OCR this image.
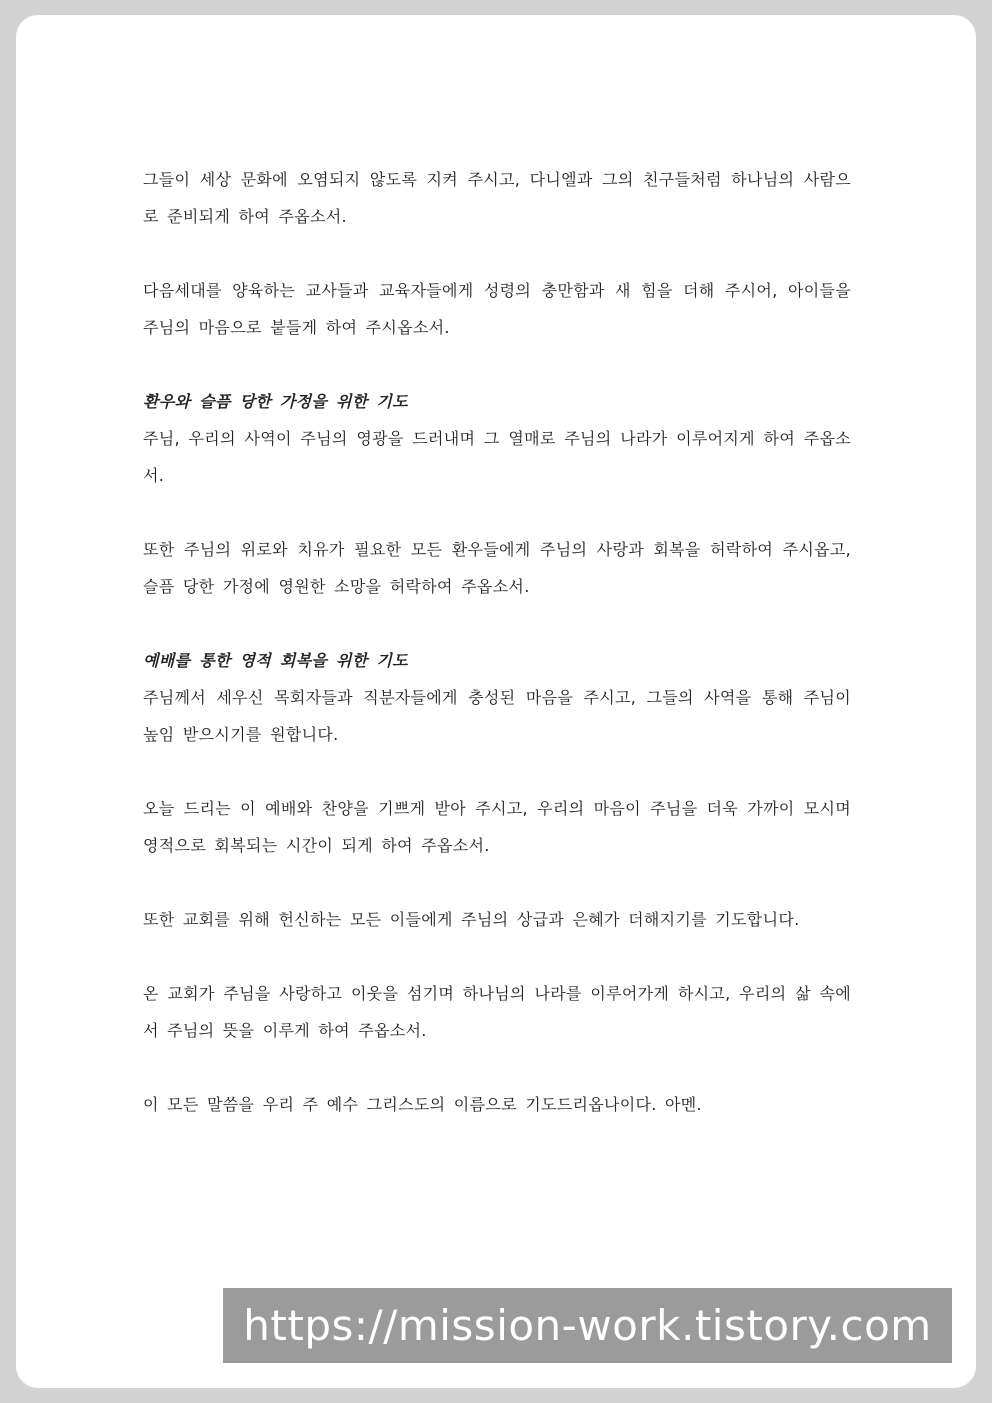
그들이 세상 문화에 오염되지 않도록 지켜 주시고, 다니엘과 그의 친구들처럼 하나님의 사람으로 준비되게 하여 주옵소서.

다음세대를 양육하는 교사들과 교육자들에게 성령의 충만함과 새 힘을 더해 주시어, 아이들을 주님의 마음으로 붙들게 하여 주시옵소서.

환우와 슬픔 당한 가정을 위한 기도

주님, 우리의 사역이 주님의 영광을 드러내며 그 열매로 주님의 나라가 이루어지게 하여 주옵소서.

또한 주님의 위로와 치유가 필요한 모든 환우들에게 주님의 사랑과 회복을 허락하여 주시옵고, 슬픔 당한 가정에 영원한 소망을 허락하여 주옵소서.

예배를 통한 영적 회복을 위한 기도

주님께서 세우신 목회자들과 직분자들에게 충성된 마음을 주시고, 그들의 사역을 통해 주님이 높임 받으시기를 원합니다.

오늘 드리는 이 예배와 찬양을 기쁘게 받아 주시고, 우리의 마음이 주님을 더욱 가까이 모시며 영적으로 회복되는 시간이 되게 하여 주옵소서.

또한 교회를 위해 헌신하는 모든 이들에게 주님의 상급과 은혜가 더해지기를 기도합니다.

온 교회가 주님을 사랑하고 이웃을 섬기며 하나님의 나라를 이루어가게 하시고, 우리의 삶 속에서 주님의 뜻을 이루게 하여 주옵소서.

이 모든 말씀을 우리 주 예수 그리스도의 이름으로 기도드리옵나이다. 아멘.

https://mission-work.tistory.com
